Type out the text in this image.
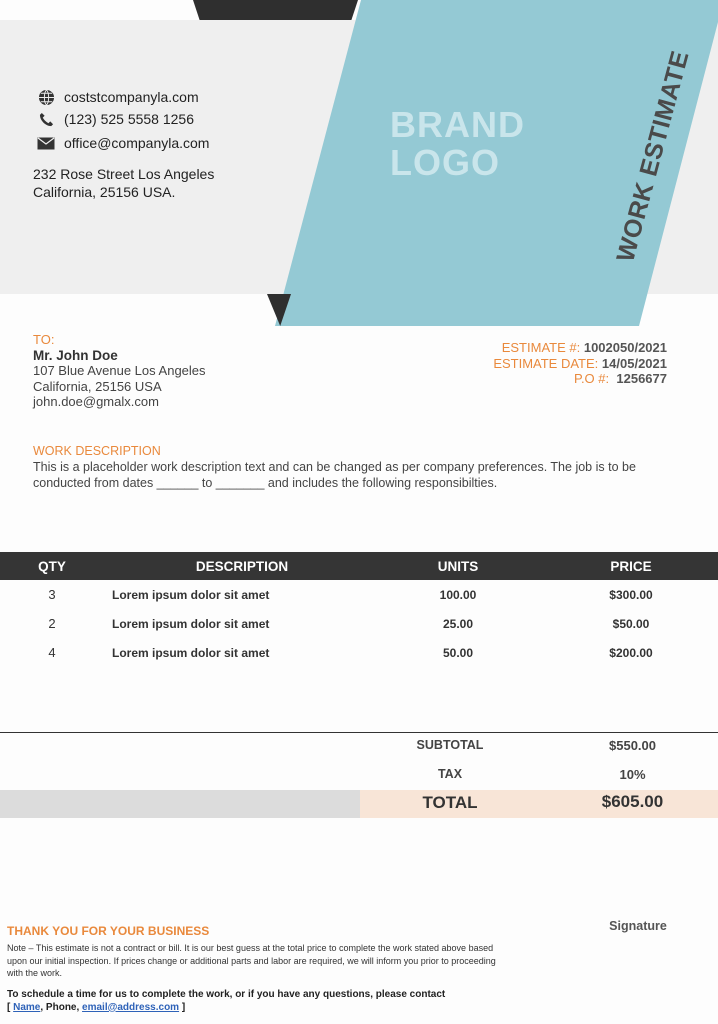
BRAND
LOGO	WORK ESTIMATE
coststcompanyla.com
(123) 525 5558 1256
office@companyla.com
232 Rose Street Los Angeles
California, 25156 USA.
TO:
Mr. John Doe
107 Blue Avenue Los Angeles
California, 25156 USA
john.doe@gmalx.com
ESTIMATE #: 1002050/2021
ESTIMATE DATE: 14/05/2021
P.O #: 1256677
WORK DESCRIPTION
This is a placeholder work description text and can be changed as per company preferences. The job is to be conducted from dates ______ to _______ and includes the following responsibilties.
QTY	DESCRIPTION	UNITS	PRICE
3	Lorem ipsum dolor sit amet	100.00	$300.00
2	Lorem ipsum dolor sit amet	25.00	$50.00
4	Lorem ipsum dolor sit amet	50.00	$200.00
SUBTOTAL	$550.00
TAX	10%
TOTAL	$605.00
Signature
THANK YOU FOR YOUR BUSINESS
Note – This estimate is not a contract or bill. It is our best guess at the total price to complete the work stated above based upon our initial inspection. If prices change or additional parts and labor are required, we will inform you prior to proceeding with the work.
To schedule a time for us to complete the work, or if you have any questions, please contact
[ Name, Phone, email@address.com ]
